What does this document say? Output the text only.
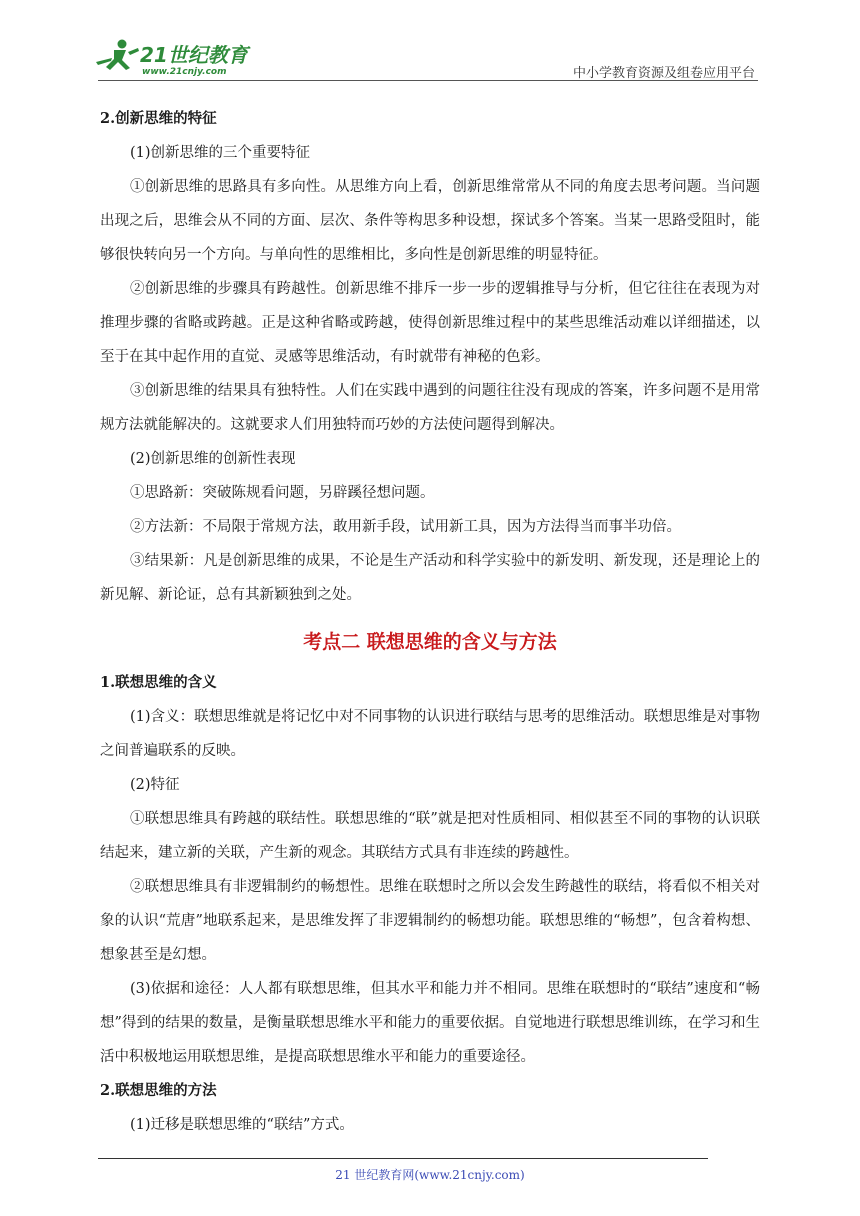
21世纪教育
www.21cnjy.com	中小学教育资源及组卷应用平台

2.创新思维的特征

(1)创新思维的三个重要特征

①创新思维的思路具有多向性。从思维方向上看，创新思维常常从不同的角度去思考问题。当问题出现之后，思维会从不同的方面、层次、条件等构思多种设想，探试多个答案。当某一思路受阻时，能够很快转向另一个方向。与单向性的思维相比，多向性是创新思维的明显特征。

②创新思维的步骤具有跨越性。创新思维不排斥一步一步的逻辑推导与分析，但它往往在表现为对推理步骤的省略或跨越。正是这种省略或跨越，使得创新思维过程中的某些思维活动难以详细描述，以至于在其中起作用的直觉、灵感等思维活动，有时就带有神秘的色彩。

③创新思维的结果具有独特性。人们在实践中遇到的问题往往没有现成的答案，许多问题不是用常规方法就能解决的。这就要求人们用独特而巧妙的方法使问题得到解决。

(2)创新思维的创新性表现

①思路新：突破陈规看问题，另辟蹊径想问题。

②方法新：不局限于常规方法，敢用新手段，试用新工具，因为方法得当而事半功倍。

③结果新：凡是创新思维的成果，不论是生产活动和科学实验中的新发明、新发现，还是理论上的新见解、新论证，总有其新颖独到之处。

考点二 联想思维的含义与方法

1.联想思维的含义

(1)含义：联想思维就是将记忆中对不同事物的认识进行联结与思考的思维活动。联想思维是对事物之间普遍联系的反映。

(2)特征

①联想思维具有跨越的联结性。联想思维的“联”就是把对性质相同、相似甚至不同的事物的认识联结起来，建立新的关联，产生新的观念。其联结方式具有非连续的跨越性。

②联想思维具有非逻辑制约的畅想性。思维在联想时之所以会发生跨越性的联结，将看似不相关对象的认识“荒唐”地联系起来，是思维发挥了非逻辑制约的畅想功能。联想思维的“畅想”，包含着构想、想象甚至是幻想。

(3)依据和途径：人人都有联想思维，但其水平和能力并不相同。思维在联想时的“联结”速度和“畅想”得到的结果的数量，是衡量联想思维水平和能力的重要依据。自觉地进行联想思维训练，在学习和生活中积极地运用联想思维，是提高联想思维水平和能力的重要途径。

2.联想思维的方法

(1)迁移是联想思维的“联结”方式。

21 世纪教育网(www.21cnjy.com)
